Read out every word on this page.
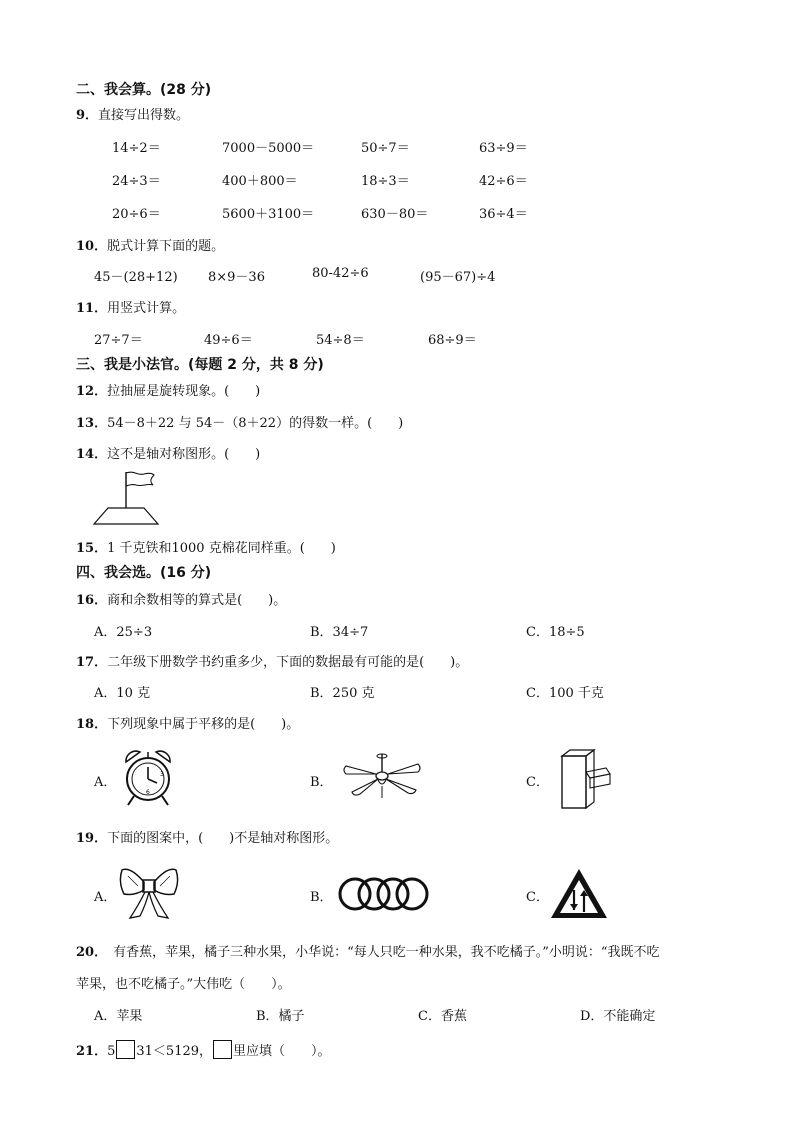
二、我会算。(28 分)
9．直接写出得数。
14÷2＝	7000－5000＝	50÷7＝	63÷9＝
24÷3＝	400＋800＝	18÷3＝	42÷6＝
20÷6＝	5600＋3100＝	630－80＝	36÷4＝
10．脱式计算下面的题。
45－(28+12) 8×9－36	80-42÷6	(95－67)÷4
11．用竖式计算。
27÷7＝	49÷6＝	54÷8＝	68÷9＝
三、我是小法官。(每题 2 分，共 8 分)
12．拉抽屉是旋转现象。(　　)
13．54－8＋22 与 54－（8＋22）的得数一样。(　　)
14．这不是轴对称图形。(　　)
15．1 千克铁和1000 克棉花同样重。(　　)
四、我会选。(16 分)
16．商和余数相等的算式是(　　)。
A．25÷3	B．34÷7	C．18÷5
17．二年级下册数学书约重多少，下面的数据最有可能的是(　　)。
A．10 克	B．250 克	C．100 千克
18．下列现象中属于平移的是(　　)。
A．	B．	C．
3
6
19．下面的图案中，(　　)不是轴对称图形。
A．	B．	C．
20． 有香蕉，苹果，橘子三种水果，小华说：“每人只吃一种水果，我不吃橘子。”小明说：“我既不吃
苹果，也不吃橘子。”大伟吃（　　）。
A．苹果	B．橘子	C．香蕉	D．不能确定
21．5 31＜5129， 里应填（　　）。
